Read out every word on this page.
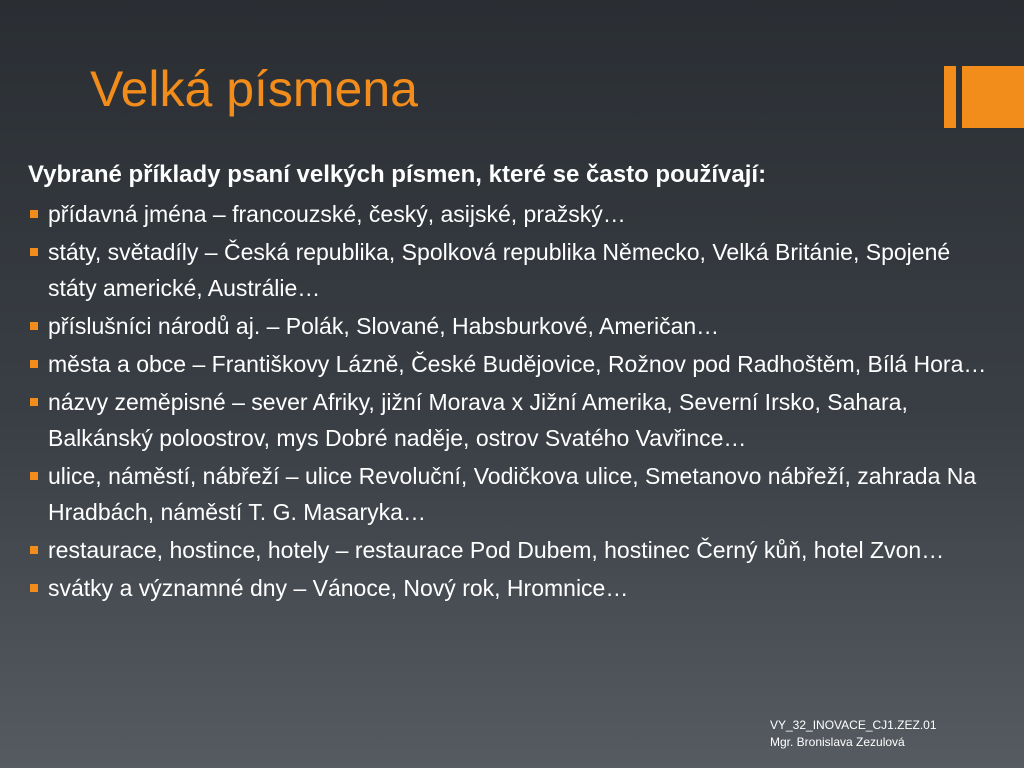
Velká písmena

Vybrané příklady psaní velkých písmen, které se často používají:

přídavná jména – francouzské, český, asijské, pražský…
státy, světadíly – Česká republika, Spolková republika Německo, Velká Británie, Spojené státy americké, Austrálie…
příslušníci národů aj. – Polák, Slované, Habsburkové, Američan…
města a obce – Františkovy Lázně, České Budějovice, Rožnov pod Radhoštěm, Bílá Hora…
názvy zeměpisné – sever Afriky, jižní Morava x Jižní Amerika, Severní Irsko, Sahara, Balkánský poloostrov, mys Dobré naděje, ostrov Svatého Vavřince…
ulice, náměstí, nábřeží – ulice Revoluční, Vodičkova ulice, Smetanovo nábřeží, zahrada Na Hradbách, náměstí T. G. Masaryka…
restaurace, hostince, hotely – restaurace Pod Dubem, hostinec Černý kůň, hotel Zvon…
svátky a významné dny – Vánoce, Nový rok, Hromnice…
VY_32_INOVACE_CJ1.ZEZ.01
Mgr. Bronislava Zezulová
